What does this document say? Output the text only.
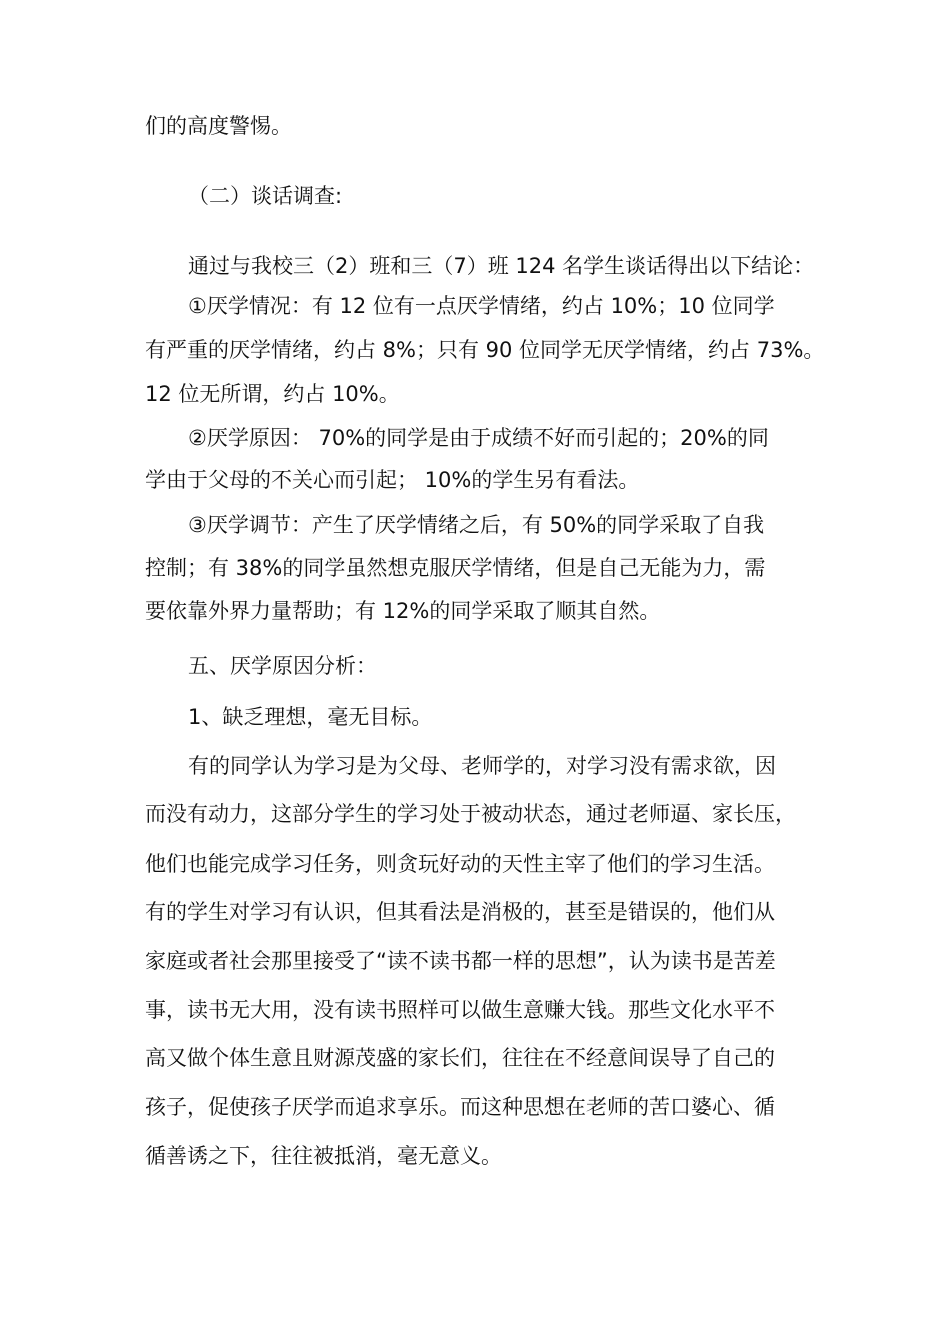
们的高度警惕。

（二）谈话调查:

通过与我校三（2）班和三（7）班 124 名学生谈话得出以下结论：

①厌学情况：有 12 位有一点厌学情绪，约占 10%；10 位同学

有严重的厌学情绪，约占 8%；只有 90 位同学无厌学情绪，约占 73%。

12 位无所谓，约占 10%。

②厌学原因： 70%的同学是由于成绩不好而引起的；20%的同

学由于父母的不关心而引起； 10%的学生另有看法。

③厌学调节：产生了厌学情绪之后，有 50%的同学采取了自我

控制；有 38%的同学虽然想克服厌学情绪，但是自己无能为力，需

要依靠外界力量帮助；有 12%的同学采取了顺其自然。

五、厌学原因分析：

1、缺乏理想，毫无目标。

有的同学认为学习是为父母、老师学的，对学习没有需求欲，因

而没有动力，这部分学生的学习处于被动状态，通过老师逼、家长压，

他们也能完成学习任务，则贪玩好动的天性主宰了他们的学习生活。

有的学生对学习有认识，但其看法是消极的，甚至是错误的，他们从

家庭或者社会那里接受了“读不读书都一样的思想”，认为读书是苦差

事，读书无大用，没有读书照样可以做生意赚大钱。那些文化水平不

高又做个体生意且财源茂盛的家长们，往往在不经意间误导了自己的

孩子，促使孩子厌学而追求享乐。而这种思想在老师的苦口婆心、循

循善诱之下，往往被抵消，毫无意义。
